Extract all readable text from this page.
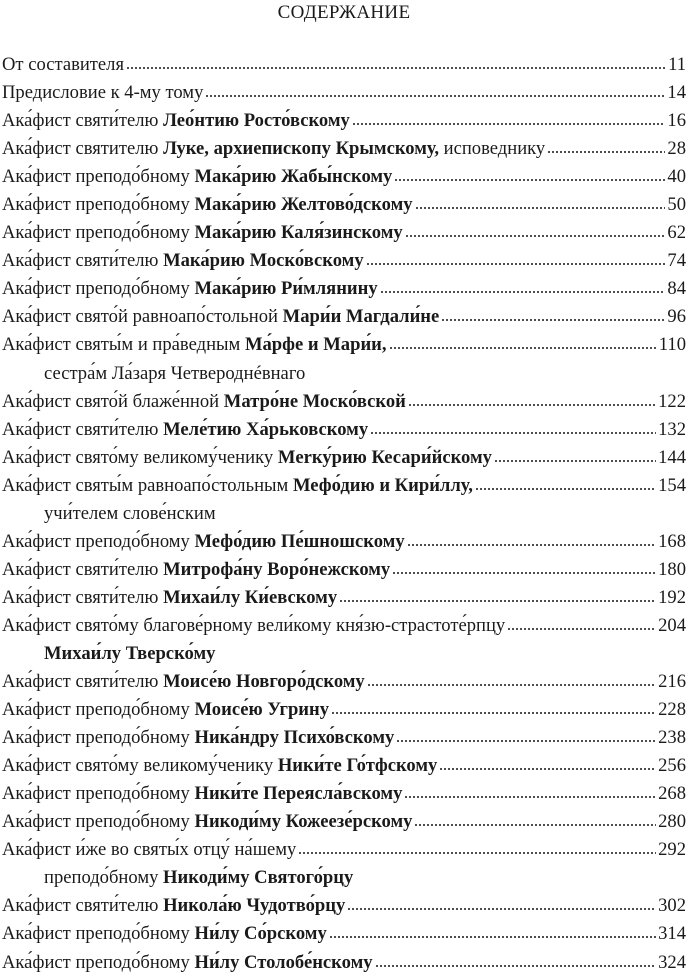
СОДЕРЖАНИЕ
От составителя	11
Предисловие к 4-му тому	14
Ака́фист святи́телю Лео́нтию Росто́вскому	16
Ака́фист святителю Луке, архиепископу Крымскому, исповеднику	28
Ака́фист преподо́бному Мака́рию Жабы́нскому	40
Ака́фист преподо́бному Мака́рию Желтово́дскому	50
Ака́фист преподо́бному Мака́рию Каля́зинскому	62
Ака́фист святи́телю Мака́рию Моско́вскому	74
Ака́фист преподо́бному Мака́рию Ри́млянину	84
Ака́фист свято́й равноапо́стольной Мари́и Магдали́не	96
Ака́фист святы́м и пра́ведным Ма́рфе и Мари́и,	110
сестра́м Ла́заря Четвероднéвнаго
Ака́фист свято́й блаже́нной Матро́не Моско́вской	122
Ака́фист святи́телю Меле́тию Ха́рьковскому	132
Ака́фист свято́му великому́ченику Merку́рию Кесари́йскому	144
Ака́фист святы́м равноапо́стольным Мефо́дию и Кири́ллу,	154
учи́телем слове́нским
Ака́фист преподо́бному Мефо́дию Пе́шношскому	168
Ака́фист святи́телю Митрофа́ну Воро́нежскому	180
Ака́фист святи́телю Михаи́лу Ки́евскому	192
Ака́фист свято́му благове́рному вели́кому кня́зю-страстоте́рпцу	204
Михаи́лу Тверско́му
Ака́фист святи́телю Моисе́ю Новгоро́дскому	216
Ака́фист преподо́бному Моисе́ю Угрину	228
Ака́фист преподо́бному Ника́ндру Психо́вскому	238
Ака́фист свято́му великому́ченику Ники́те Го́тфскому	256
Ака́фист преподо́бному Ники́те Переясла́вскому	268
Ака́фист преподо́бному Никоди́му Кожеезе́рскому	280
Ака́фист и́же во святы́х отцу́ на́шему	292
преподо́бному Никоди́му Святого́рцу
Ака́фист святи́телю Никола́ю Чудотво́рцу	302
Ака́фист преподо́бному Ни́лу Со́рскому	314
Ака́фист преподо́бному Ни́лу Столобе́нскому	324
